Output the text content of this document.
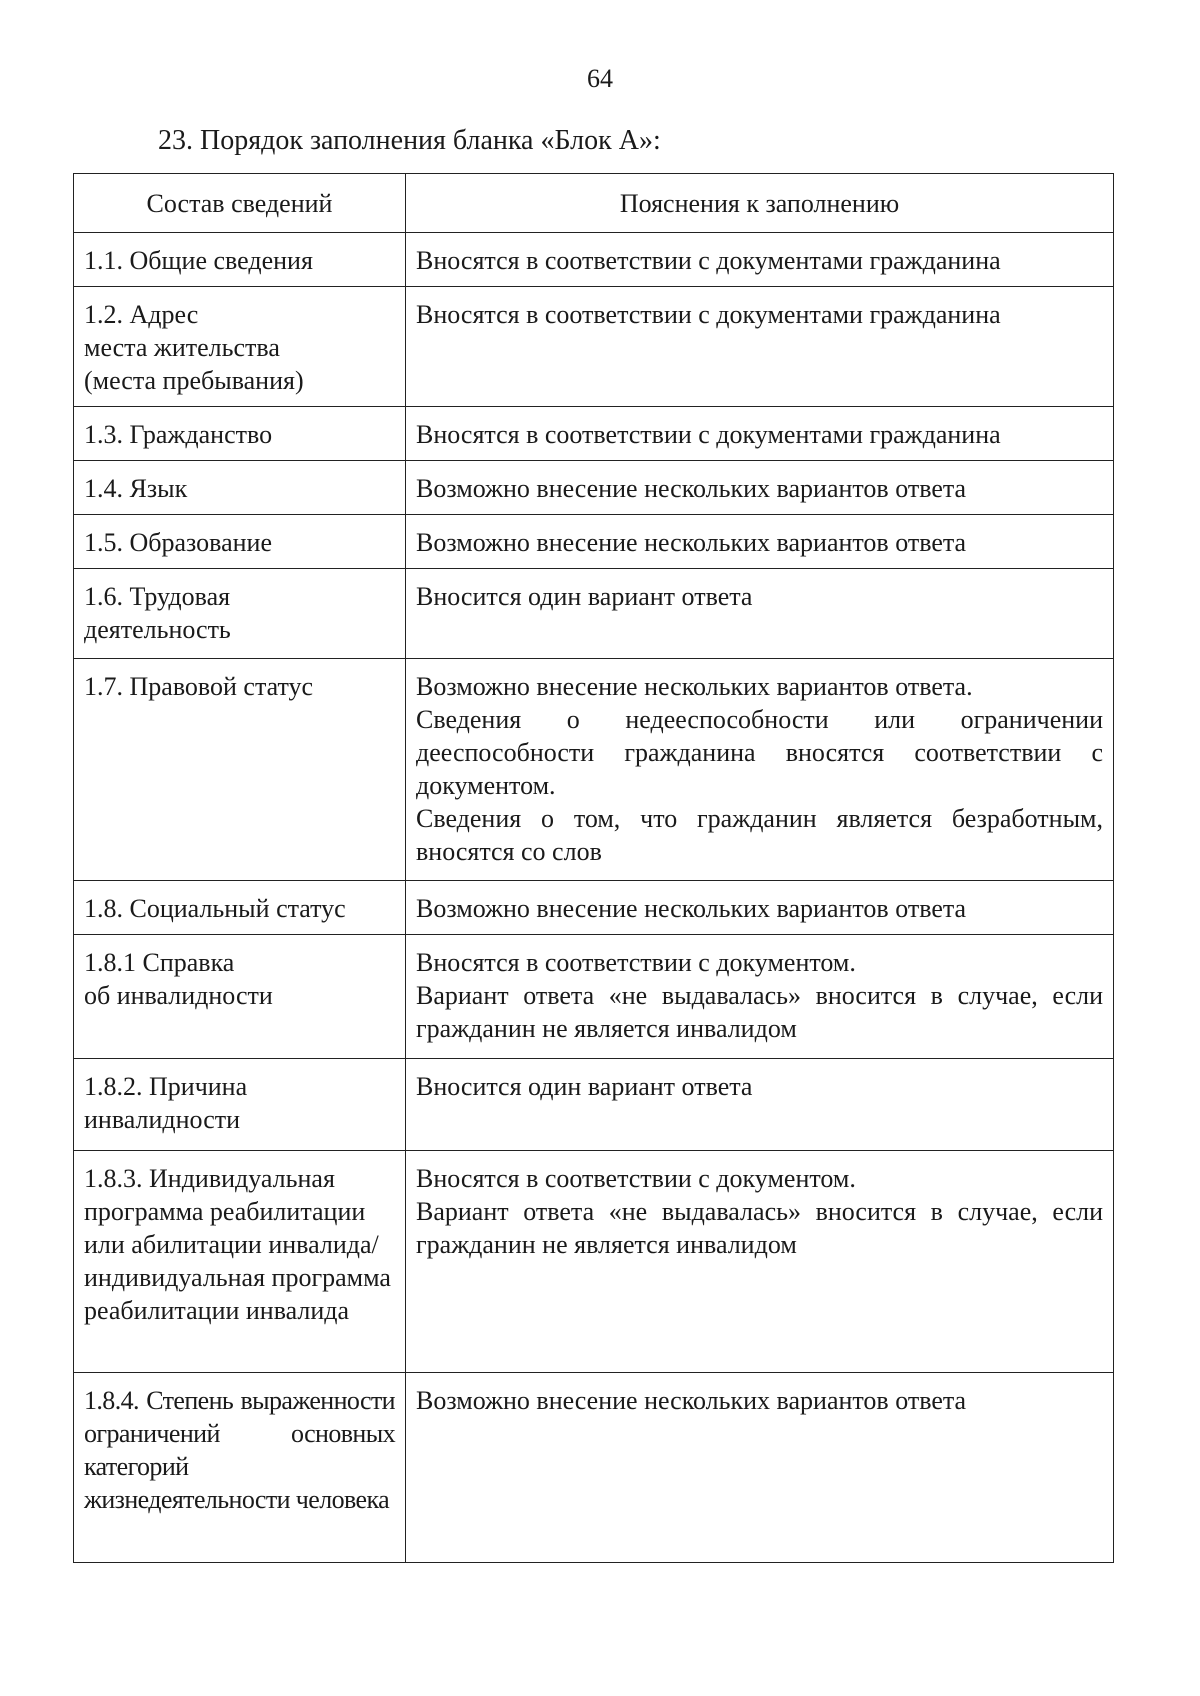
64
23. Порядок заполнения бланка «Блок А»:
Состав сведений	Пояснения к заполнению
1.1. Общие сведения	Вносятся в соответствии с документами гражданина
1.2. Адрес
места жительства
(места пребывания)	Вносятся в соответствии с документами гражданина
1.3. Гражданство	Вносятся в соответствии с документами гражданина
1.4. Язык	Возможно внесение нескольких вариантов ответа
1.5. Образование	Возможно внесение нескольких вариантов ответа
1.6. Трудовая
деятельность	Вносится один вариант ответа
1.7. Правовой статус	Возможно внесение нескольких вариантов ответа.
Сведения о недееспособности или ограничении дееспособности гражданина вносятся соответствии с документом.
Сведения о том, что гражданин является безработным, вносятся со слов
1.8. Социальный статус	Возможно внесение нескольких вариантов ответа
1.8.1 Справка
об инвалидности	Вносятся в соответствии с документом.
Вариант ответа «не выдавалась» вносится в случае, если гражданин не является инвалидом
1.8.2. Причина
инвалидности	Вносится один вариант ответа
1.8.3. Индивидуальная программа реабилитации или абилитации инвалида/ индивидуальная программа реабилитации инвалида	Вносятся в соответствии с документом.
Вариант ответа «не выдавалась» вносится в случае, если гражданин не является инвалидом
1.8.4. Степень выраженности ограничений основных категорий жизнедеятельности человека	Возможно внесение нескольких вариантов ответа
